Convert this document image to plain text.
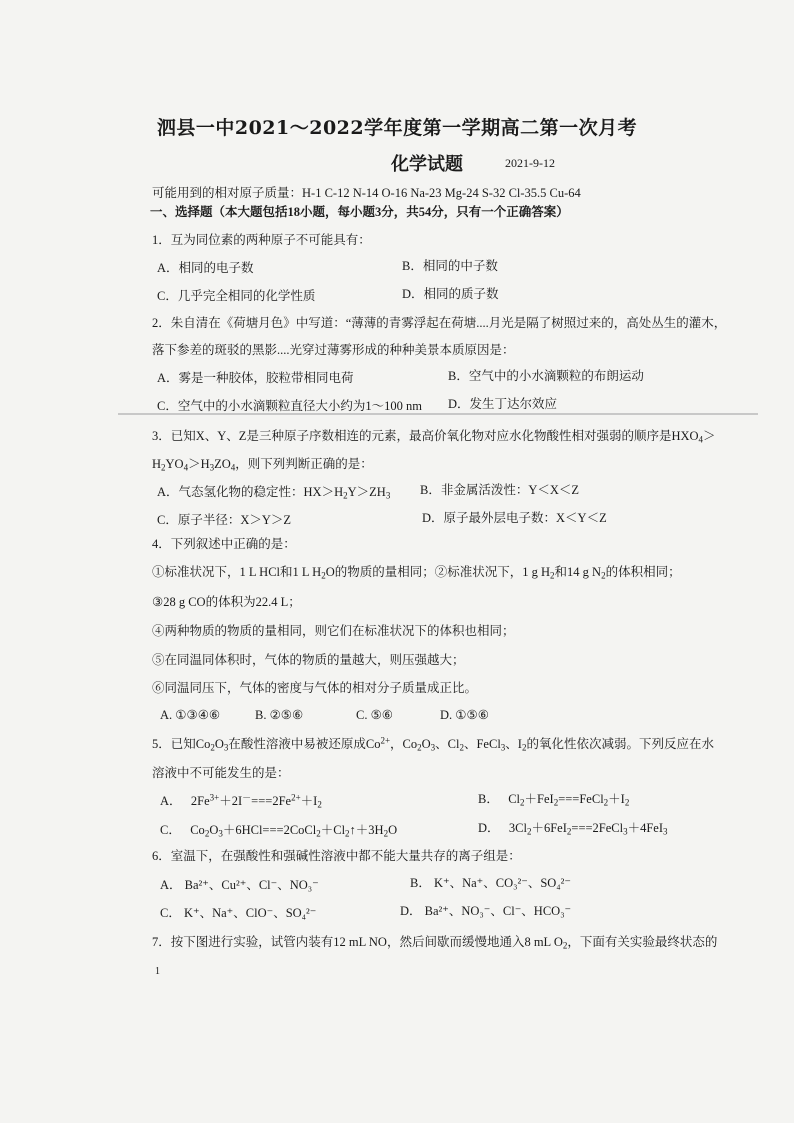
泗县一中2021～2022学年度第一学期高二第一次月考
化学试题	2021-9-12
可能用到的相对原子质量：H-1 C-12 N-14 O-16 Na-23 Mg-24 S-32 Cl-35.5 Cu-64
一、选择题（本大题包括18小题，每小题3分，共54分，只有一个正确答案）
1．互为同位素的两种原子不可能具有：
A．相同的电子数	B．相同的中子数
C．几乎完全相同的化学性质	D．相同的质子数
2．朱自清在《荷塘月色》中写道：“薄薄的青雾浮起在荷塘....月光是隔了树照过来的，高处丛生的灌木，
落下参差的斑驳的黑影....光穿过薄雾形成的种种美景本质原因是：
A．雾是一种胶体，胶粒带相同电荷	B．空气中的小水滴颗粒的布朗运动
C．空气中的小水滴颗粒直径大小约为1～100 nm D．发生丁达尔效应
3．已知X、Y、Z是三种原子序数相连的元素，最高价氧化物对应水化物酸性相对强弱的顺序是$HXO_4>$
$H_2YO_4>H_3ZO_4$，则下列判断正确的是：
A．气态氢化物的稳定性：$HX>H_2Y>ZH_3$ B．非金属活泼性：Y＜X＜Z
C．原子半径：X＞Y＞Z	D．原子最外层电子数：X＜Y＜Z
4．下列叙述中正确的是：
①标准状况下，1 L HCl和1 L $H_2O$的物质的量相同；②标准状况下，1 g $H_2$和14 g $N_2$的体积相同；
③28 g CO的体积为22.4 L；
④两种物质的物质的量相同，则它们在标准状况下的体积也相同；
⑤在同温同体积时，气体的物质的量越大，则压强越大；
⑥同温同压下，气体的密度与气体的相对分子质量成正比。
A. ①③④⑥	B. ②⑤⑥	C. ⑤⑥	D. ①⑤⑥
5．已知$Co_2O_3$在酸性溶液中易被还原成$Co^{2+}$，$Co_2O_3$、$Cl_2$、FeCl$_3$、$I_2$的氧化性依次减弱。下列反应在水
溶液中不可能发生的是：
A． $2Fe^{3+}+2I^-===2Fe^{2+}+I_2$	B． $Cl_2+FeI_2===FeCl_2+I_2$
C． $Co_2O_3+6HCl===2CoCl_2+Cl_2↑+3H_2O$	D． $3Cl_2+6FeI_2===2FeCl_3+4FeI_3$
6．室温下，在强酸性和强碱性溶液中都不能大量共存的离子组是：
A． Ba²⁺、Cu²⁺、Cl⁻、NO₃⁻	B． K⁺、Na⁺、CO₃²⁻、SO₄²⁻
C． K⁺、Na⁺、ClO⁻、SO₄²⁻	D． Ba²⁺、NO₃⁻、Cl⁻、HCO₃⁻
7．按下图进行实验，试管内装有12 mL NO，然后间歇而缓慢地通入8 mL $O_2$，下面有关实验最终状态的
1
